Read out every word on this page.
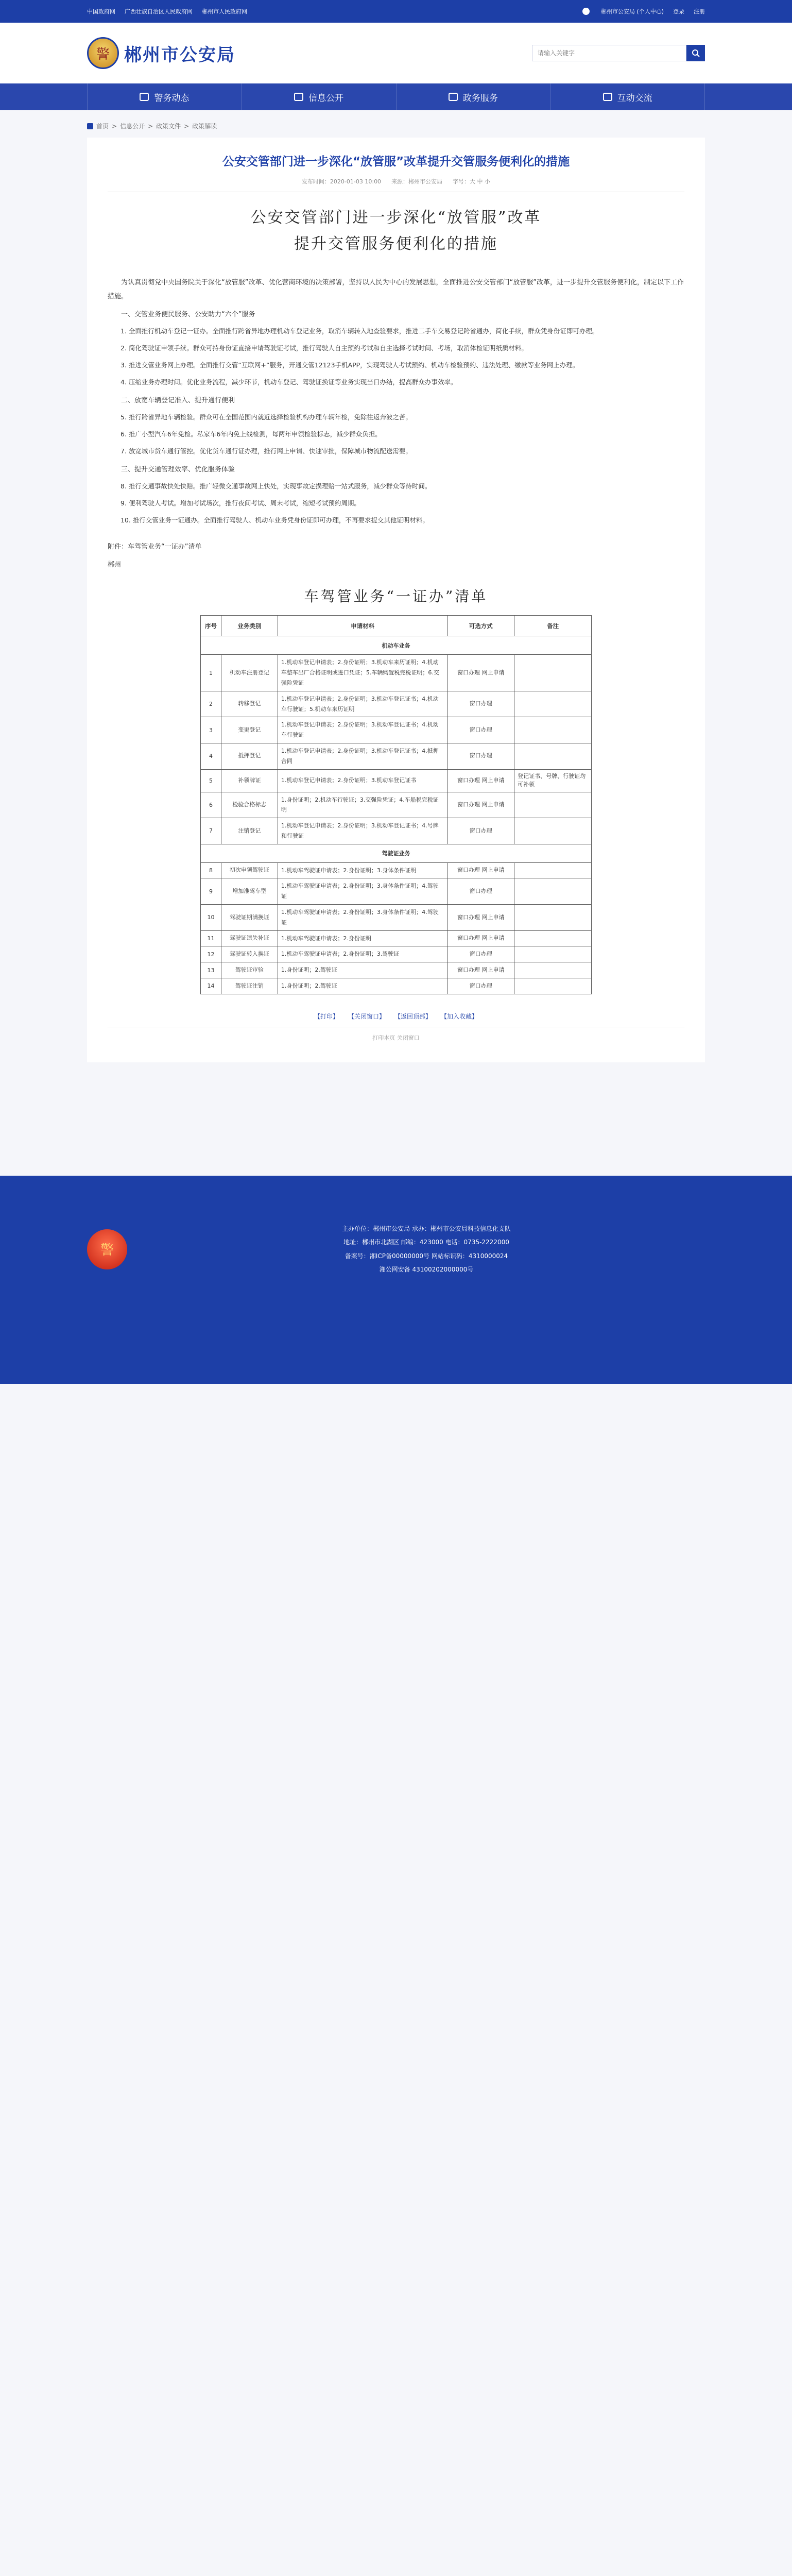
中国政府网 广西壮族自治区人民政府网 郴州市人民政府网	郴州市公安局 (个人中心) 登录 注册
警 郴州市公安局
请输入关键字
警务动态	信息公开	政务服务	互动交流
首页 > 信息公开 > 政策文件 > 政策解读
公安交管部门进一步深化“放管服”改革提升交管服务便利化的措施
发布时间：2020-01-03 10:00 来源：郴州市公安局 字号：大 中 小
公安交管部门进一步深化“放管服”改革
提升交管服务便利化的措施

为认真贯彻党中央国务院关于深化“放管服”改革、优化营商环境的决策部署，坚持以人民为中心的发展思想，全面推进公安交管部门“放管服”改革，进一步提升交管服务便利化，制定以下工作措施。

一、交管业务便民服务、公安助力“六个”服务

1. 全面推行机动车登记一证办。全面推行跨省异地办理机动车登记业务，取消车辆转入地查验要求，推进二手车交易登记跨省通办，简化手续，群众凭身份证即可办理。

2. 简化驾驶证申领手续。群众可持身份证直接申请驾驶证考试，推行驾驶人自主预约考试和自主选择考试时间、考场，取消体检证明纸质材料。

3. 推进交管业务网上办理。全面推行交管“互联网+”服务，开通交管12123手机APP，实现驾驶人考试预约、机动车检验预约、违法处理、缴款等业务网上办理。

4. 压缩业务办理时间。优化业务流程，减少环节，机动车登记、驾驶证换证等业务实现当日办结，提高群众办事效率。

二、放宽车辆登记准入、提升通行便利

5. 推行跨省异地车辆检验。群众可在全国范围内就近选择检验机构办理车辆年检，免除往返奔波之苦。

6. 推广小型汽车6年免检。私家车6年内免上线检测，每两年申领检验标志，减少群众负担。

7. 放宽城市货车通行管控。优化货车通行证办理，推行网上申请、快速审批，保障城市物流配送需要。

三、提升交通管理效率、优化服务体验

8. 推行交通事故快处快赔。推广轻微交通事故网上快处，实现事故定损理赔一站式服务，减少群众等待时间。

9. 便利驾驶人考试。增加考试场次，推行夜间考试、周末考试，缩短考试预约周期。

10. 推行交管业务一证通办。全面推行驾驶人、机动车业务凭身份证即可办理，不再要求提交其他证明材料。

附件：车驾管业务“一证办”清单

郴州

车驾管业务“一证办”清单
序号	业务类别	申请材料	可选方式	备注
机动车业务				
1	机动车注册登记	1.机动车登记申请表；2.身份证明；3.机动车来历证明；4.机动车整车出厂合格证明或进口凭证；5.车辆购置税完税证明；6.交强险凭证	窗口办理 网上申请	
2	转移登记	1.机动车登记申请表；2.身份证明；3.机动车登记证书；4.机动车行驶证；5.机动车来历证明	窗口办理	
3	变更登记	1.机动车登记申请表；2.身份证明；3.机动车登记证书；4.机动车行驶证	窗口办理	
4	抵押登记	1.机动车登记申请表；2.身份证明；3.机动车登记证书；4.抵押合同	窗口办理	
5	补领牌证	1.机动车登记申请表；2.身份证明；3.机动车登记证书	窗口办理 网上申请	登记证书、号牌、行驶证均可补领
6	检验合格标志	1.身份证明；2.机动车行驶证；3.交强险凭证；4.车船税完税证明	窗口办理 网上申请	
7	注销登记	1.机动车登记申请表；2.身份证明；3.机动车登记证书；4.号牌和行驶证	窗口办理	
驾驶证业务				
8	初次申领驾驶证	1.机动车驾驶证申请表；2.身份证明；3.身体条件证明	窗口办理 网上申请	
9	增加准驾车型	1.机动车驾驶证申请表；2.身份证明；3.身体条件证明；4.驾驶证	窗口办理	
10	驾驶证期满换证	1.机动车驾驶证申请表；2.身份证明；3.身体条件证明；4.驾驶证	窗口办理 网上申请	
11	驾驶证遗失补证	1.机动车驾驶证申请表；2.身份证明	窗口办理 网上申请	
12	驾驶证转入换证	1.机动车驾驶证申请表；2.身份证明；3.驾驶证	窗口办理	
13	驾驶证审验	1.身份证明；2.驾驶证	窗口办理 网上申请	
14	驾驶证注销	1.身份证明；2.驾驶证	窗口办理	
【打印】 【关闭窗口】 【返回顶部】 【加入收藏】
打印本页 关闭窗口
警
主办单位：郴州市公安局 承办：郴州市公安局科技信息化支队
地址：郴州市北湖区 邮编：423000 电话：0735-2222000
备案号：湘ICP备00000000号 网站标识码：4310000024
湘公网安备 43100202000000号
